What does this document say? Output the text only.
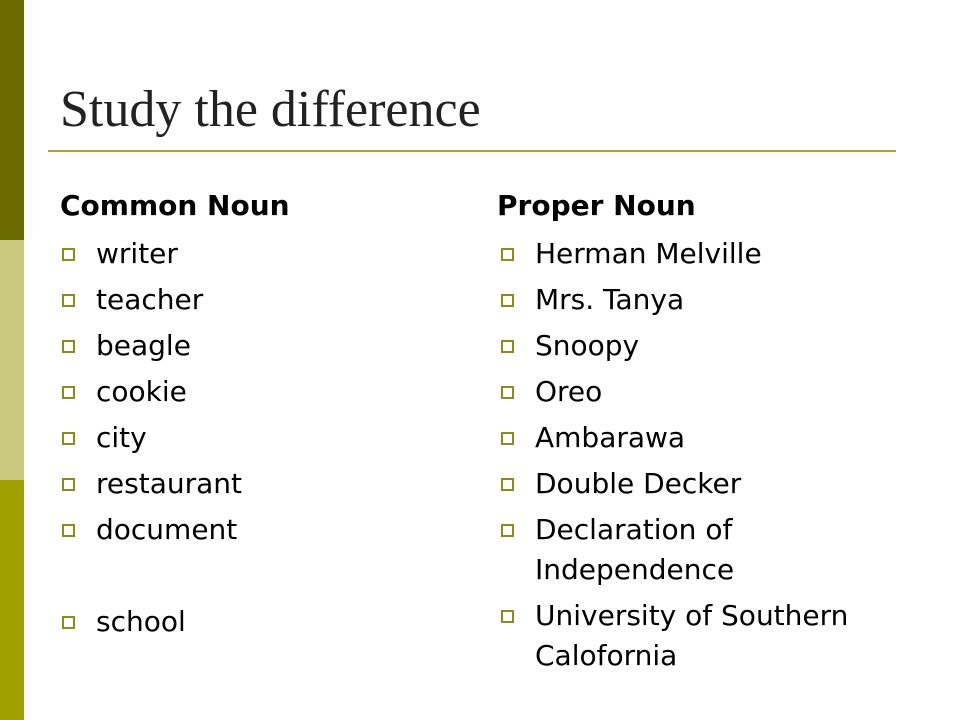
Study the difference
Common Noun	Proper Noun
writer
teacher
beagle
cookie
city
restaurant
document
school
Herman Melville
Mrs. Tanya
Snoopy
Oreo
Ambarawa
Double Decker
Declaration of Independence
University of Southern Calofornia
